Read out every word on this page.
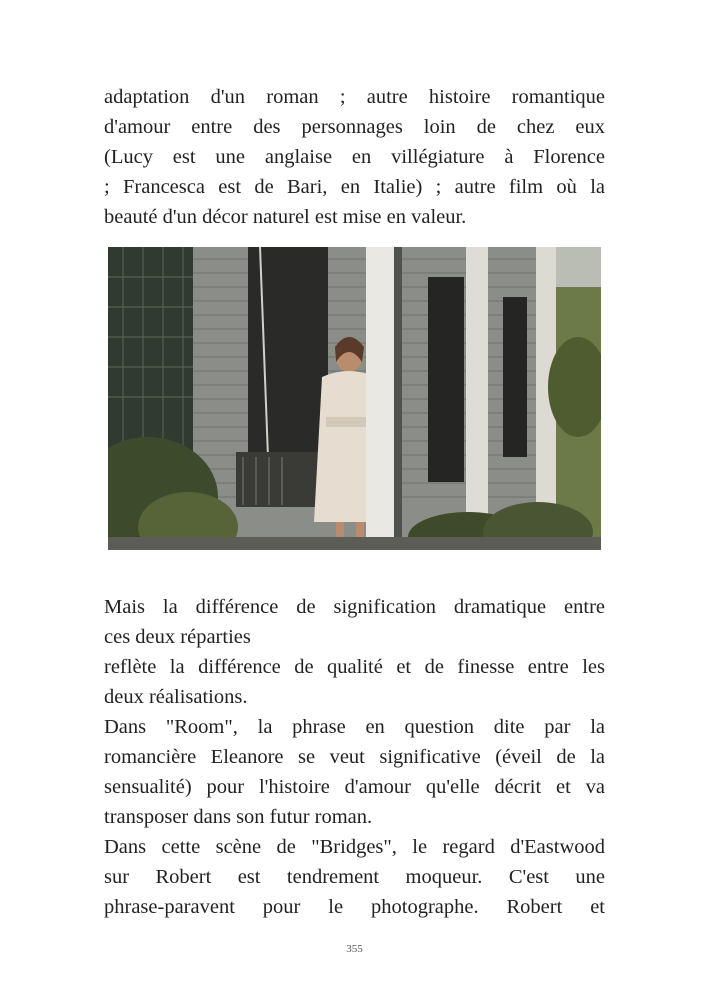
adaptation d'un roman ; autre histoire romantique
d'amour entre des personnages loin de chez eux
(Lucy est une anglaise en villégiature à Florence
; Francesca est de Bari, en Italie) ; autre film où la
beauté d'un décor naturel est mise en valeur.
Mais la différence de signification dramatique entre
ces deux réparties
reflète la différence de qualité et de finesse entre les
deux réalisations.
Dans "Room", la phrase en question dite par la
romancière Eleanore se veut significative (éveil de la
sensualité) pour l'histoire d'amour qu'elle décrit et va
transposer dans son futur roman.
Dans cette scène de "Bridges", le regard d'Eastwood
sur Robert est tendrement moqueur. C'est une
phrase-paravent pour le photographe. Robert et
355
